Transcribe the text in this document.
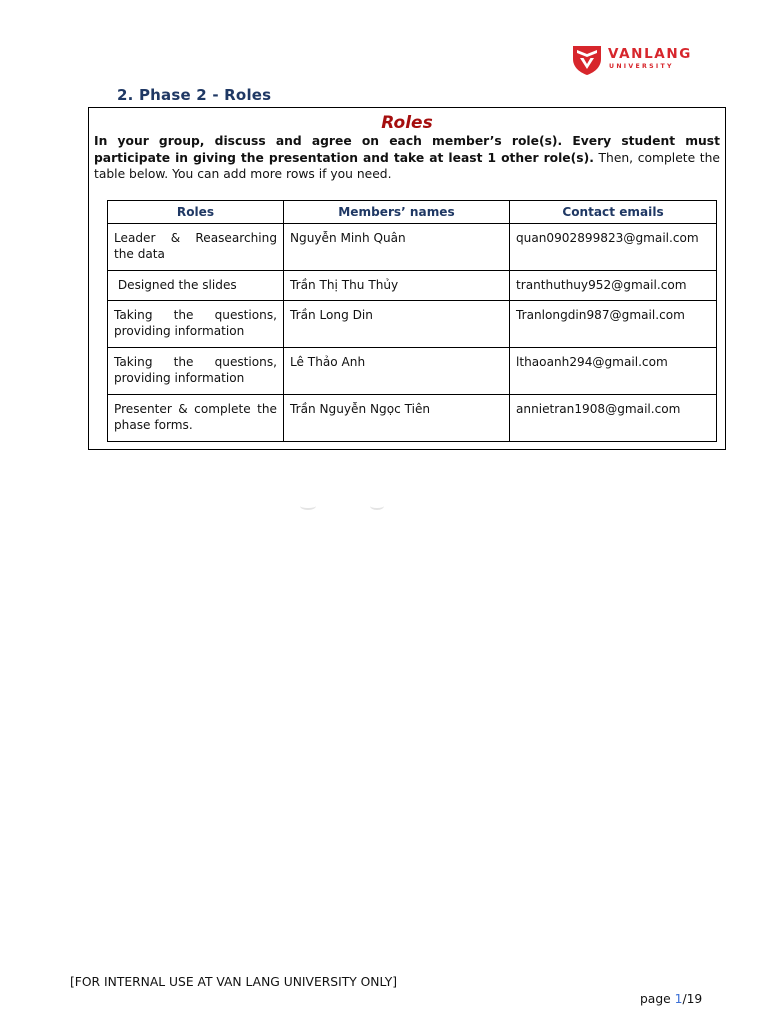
VANLANG
UNIVERSITY
2. Phase 2 - Roles
Roles
In your group, discuss and agree on each member’s role(s). Every student must participate in giving the presentation and take at least 1 other role(s). Then, complete the table below. You can add more rows if you need.
Roles	Members’ names	Contact emails
Leader & Reasearching the data	Nguyễn Minh Quân	quan0902899823@gmail.com
Designed the slides	Trần Thị Thu Thủy	tranthuthuy952@gmail.com
Taking the questions, providing information	Trần Long Din	Tranlongdin987@gmail.com
Taking the questions, providing information	Lê Thảo Anh	lthaoanh294@gmail.com
Presenter & complete the phase forms.	Trần Nguyễn Ngọc Tiên	annietran1908@gmail.com
[FOR INTERNAL USE AT VAN LANG UNIVERSITY ONLY]
page 1/19
